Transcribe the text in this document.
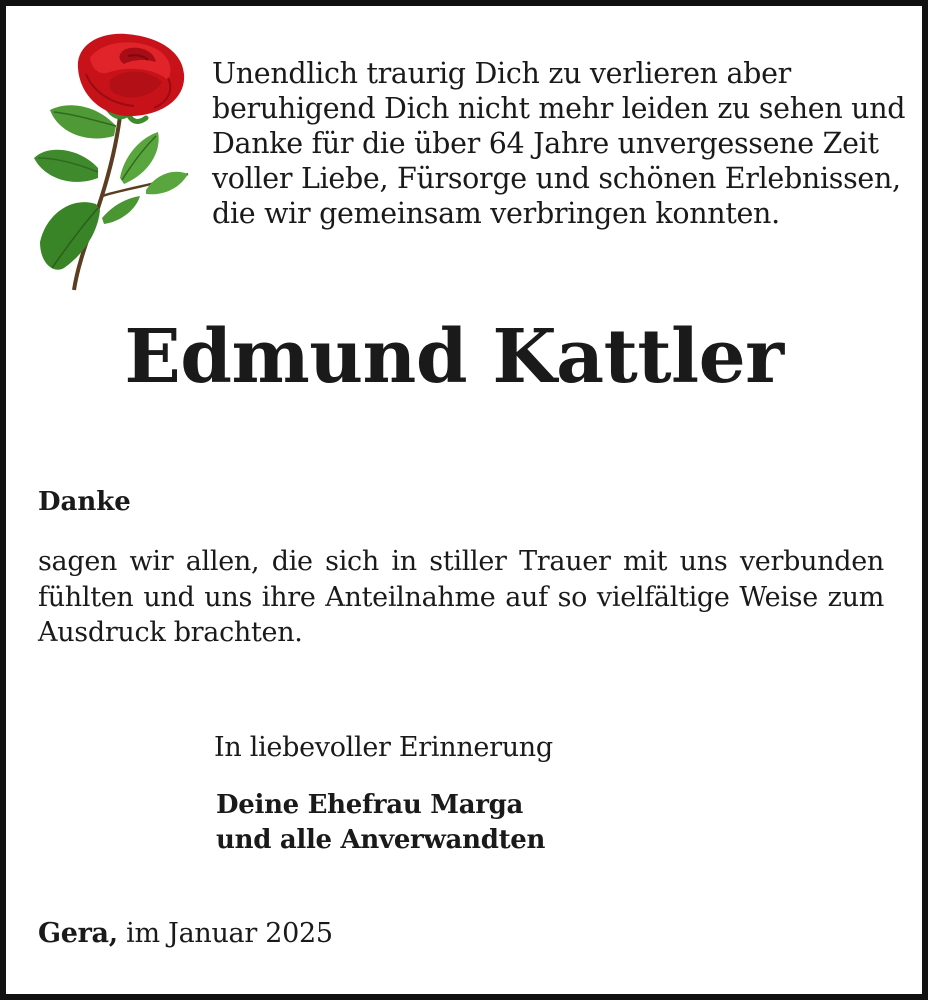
Unendlich traurig Dich zu verlieren aber
beruhigend Dich nicht mehr leiden zu sehen und
Danke für die über 64 Jahre unvergessene Zeit
voller Liebe, Fürsorge und schönen Erlebnissen,
die wir gemeinsam verbringen konnten.
Edmund Kattler
Danke
sagen wir allen, die sich in stiller Trauer mit uns verbunden fühlten und uns ihre Anteilnahme auf so vielfältige Weise zum Ausdruck brachten.
In liebevoller Erinnerung
Deine Ehefrau Marga
und alle Anverwandten
Gera, im Januar 2025
